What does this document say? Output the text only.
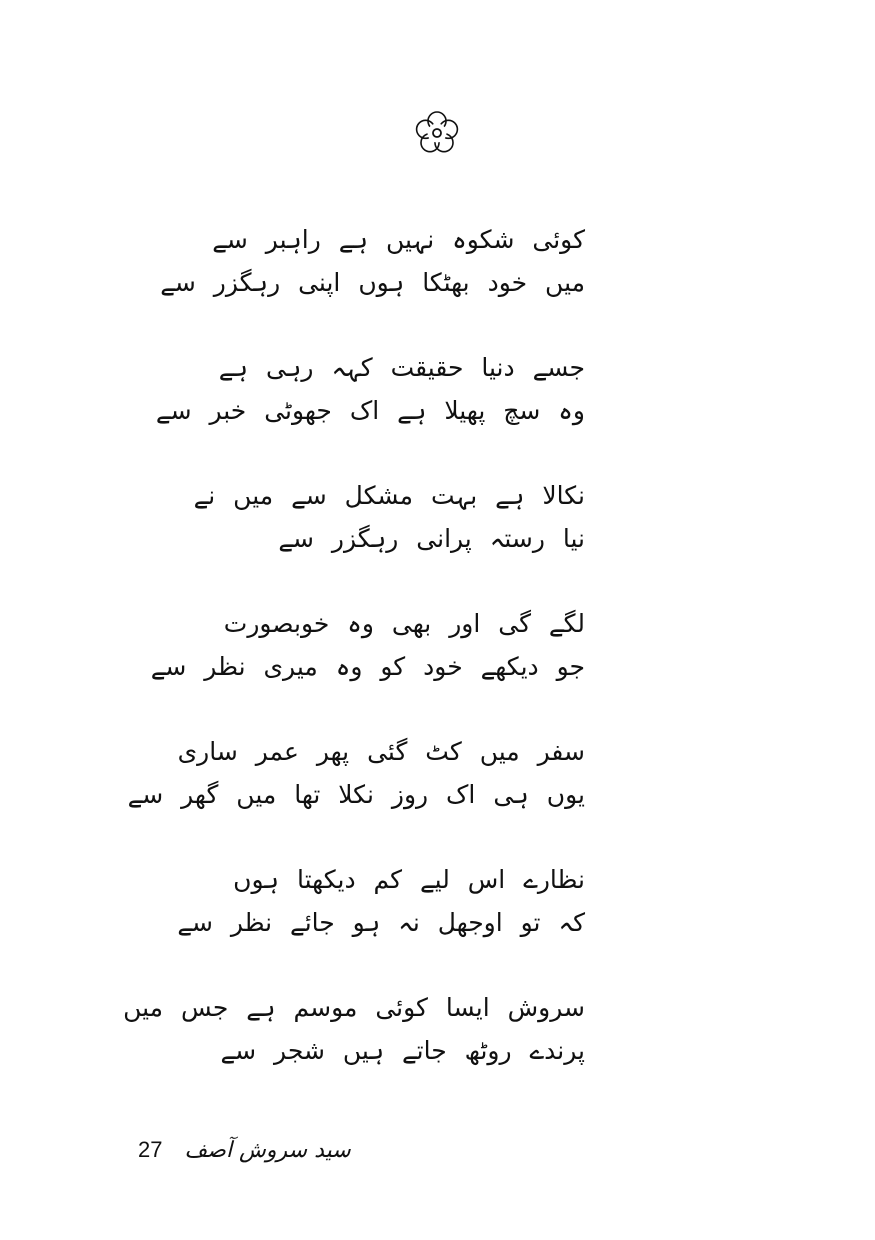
کوئی شکوہ نہیں ہے راہبر سے
میں خود بھٹکا ہوں اپنی رہگزر سے
جسے دنیا حقیقت کہہ رہی ہے
وہ سچ پھیلا ہے اک جھوٹی خبر سے
نکالا ہے بہت مشکل سے میں نے
نیا رستہ پرانی رہگزر سے
لگے گی اور بھی وہ خوبصورت
جو دیکھے خود کو وہ میری نظر سے
سفر میں کٹ گئی پھر عمر ساری
یوں ہی اک روز نکلا تھا میں گھر سے
نظارے اس لیے کم دیکھتا ہوں
کہ تو اوجھل نہ ہو جائے نظر سے
سروش ایسا کوئی موسم ہے جس میں
پرندے روٹھ جاتے ہیں شجر سے
27 سید سروش آصف
